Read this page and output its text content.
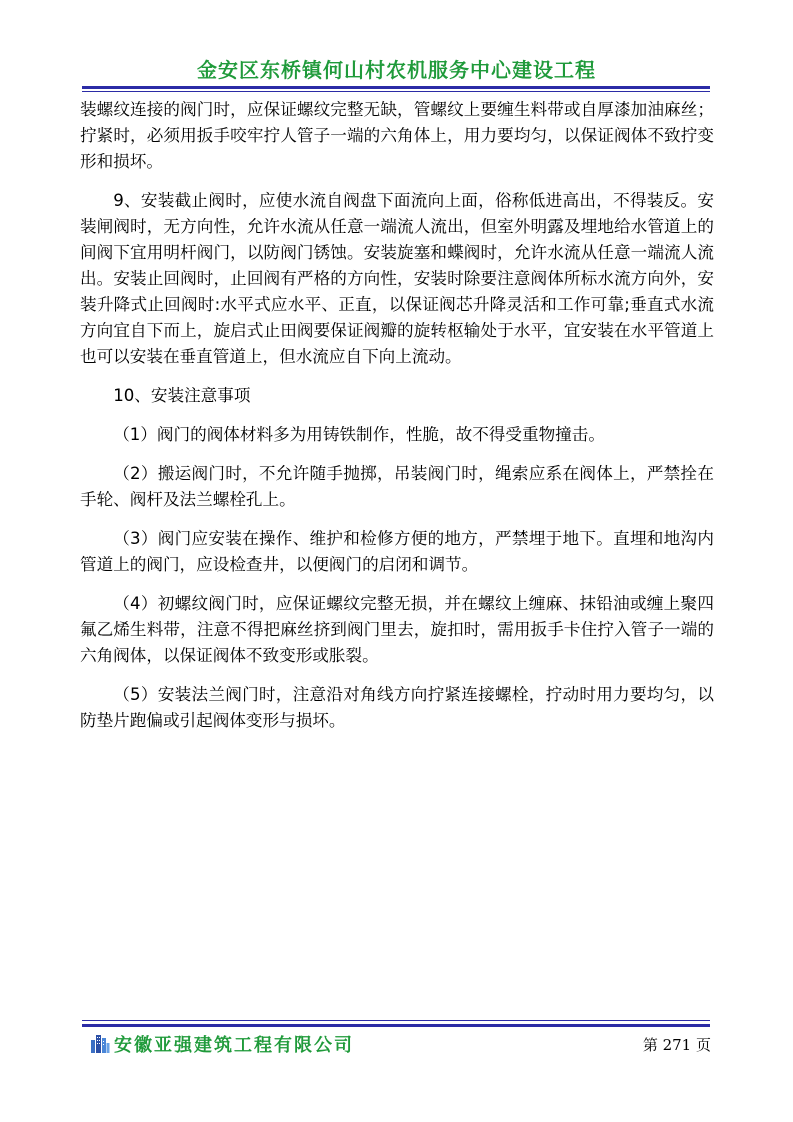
金安区东桥镇何山村农机服务中心建设工程

装螺纹连接的阀门时，应保证螺纹完整无缺，管螺纹上要缠生料带或自厚漆加油麻丝；拧紧时，必须用扳手咬牢拧人管子一端的六角体上，用力要均匀，以保证阀体不致拧变形和损坏。

9、安装截止阀时，应使水流自阀盘下面流向上面，俗称低进高出，不得装反。安装闸阀时，无方向性，允许水流从任意一端流人流出，但室外明露及埋地给水管道上的间阀下宜用明杆阀门，以防阀门锈蚀。安装旋塞和蝶阀时，允许水流从任意一端流人流出。安装止回阀时，止回阀有严格的方向性，安装时除要注意阀体所标水流方向外，安装升降式止回阀时:水平式应水平、正直，以保证阀芯升降灵活和工作可靠;垂直式水流方向宜自下而上，旋启式止田阀要保证阀瓣的旋转枢输处于水平，宜安装在水平管道上也可以安装在垂直管道上，但水流应自下向上流动。

10、安装注意事项

（1）阀门的阀体材料多为用铸铁制作，性脆，故不得受重物撞击。

（2）搬运阀门时，不允许随手抛掷，吊装阀门时，绳索应系在阀体上，严禁拴在手轮、阀杆及法兰螺栓孔上。

（3）阀门应安装在操作、维护和检修方便的地方，严禁埋于地下。直埋和地沟内管道上的阀门，应设检查井，以便阀门的启闭和调节。

（4）初螺纹阀门时，应保证螺纹完整无损，并在螺纹上缠麻、抹铅油或缠上聚四氟乙烯生料带，注意不得把麻丝挤到阀门里去，旋扣时，需用扳手卡住拧入管子一端的六角阀体，以保证阀体不致变形或胀裂。

（5）安装法兰阀门时，注意沿对角线方向拧紧连接螺栓，拧动时用力要均匀，以防垫片跑偏或引起阀体变形与损坏。

安徽亚强建筑工程有限公司	第 271 页
